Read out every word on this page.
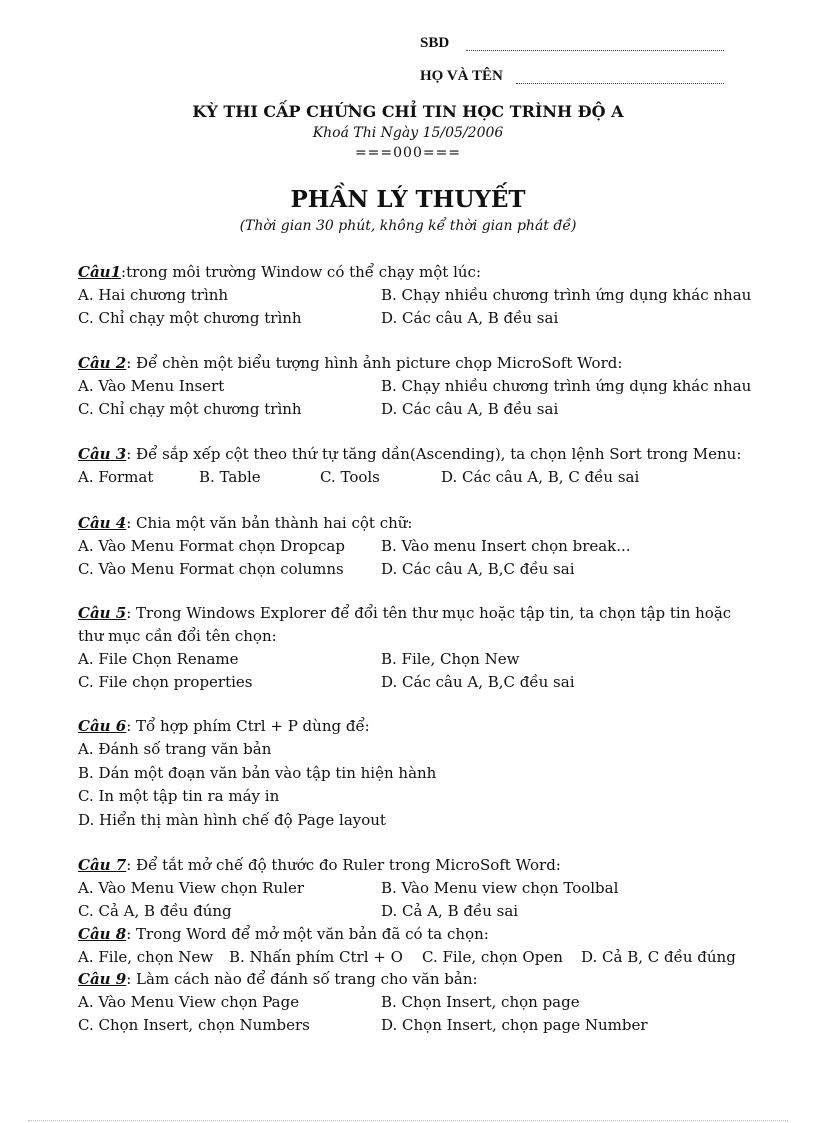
SBD
HỌ VÀ TÊN
KỲ THI CẤP CHỨNG CHỈ TIN HỌC TRÌNH ĐỘ A
Khoá Thi Ngày 15/05/2006
===000===
PHẦN LÝ THUYẾT
(Thời gian 30 phút, không kể thời gian phát đề)
Câu1:trong môi trường Window có thể chạy một lúc:
A. Hai chương trình	B. Chạy nhiều chương trình ứng dụng khác nhau
C. Chỉ chạy một chương trình	D. Các câu A, B đều sai
Câu 2: Để chèn một biểu tượng hình ảnh picture chọp MicroSoft Word:
A. Vào Menu Insert	B. Chạy nhiều chương trình ứng dụng khác nhau
C. Chỉ chạy một chương trình	D. Các câu A, B đều sai
Câu 3: Để sắp xếp cột theo thứ tự tăng dần(Ascending), ta chọn lệnh Sort trong Menu:
A. Format	B. Table	C. Tools	D. Các câu A, B, C đều sai
Câu 4: Chia một văn bản thành hai cột chữ:
A. Vào Menu Format chọn Dropcap B. Vào menu Insert chọn break...
C. Vào Menu Format chọn columns D. Các câu A, B,C đều sai
Câu 5: Trong Windows Explorer để đổi tên thư mục hoặc tập tin, ta chọn tập tin hoặc thư mục cần đổi tên chọn:
A. File Chọn Rename	B. File, Chọn New
C. File chọn properties	D. Các câu A, B,C đều sai
Câu 6: Tổ hợp phím Ctrl + P dùng để:
A. Đánh số trang văn bản
B. Dán một đoạn văn bản vào tập tin hiện hành
C. In một tập tin ra máy in
D. Hiển thị màn hình chế độ Page layout
Câu 7: Để tắt mở chế độ thước đo Ruler trong MicroSoft Word:
A. Vào Menu View chọn Ruler	B. Vào Menu view chọn Toolbal
C. Cả A, B đều đúng	D. Cả A, B đều sai
Câu 8: Trong Word để mở một văn bản đã có ta chọn:
A. File, chọn New B. Nhấn phím Ctrl + O C. File, chọn Open D. Cả B, C đều đúng
Câu 9: Làm cách nào để đánh số trang cho văn bản:
A. Vào Menu View chọn Page	B. Chọn Insert, chọn page
C. Chọn Insert, chọn Numbers	D. Chọn Insert, chọn page Number
